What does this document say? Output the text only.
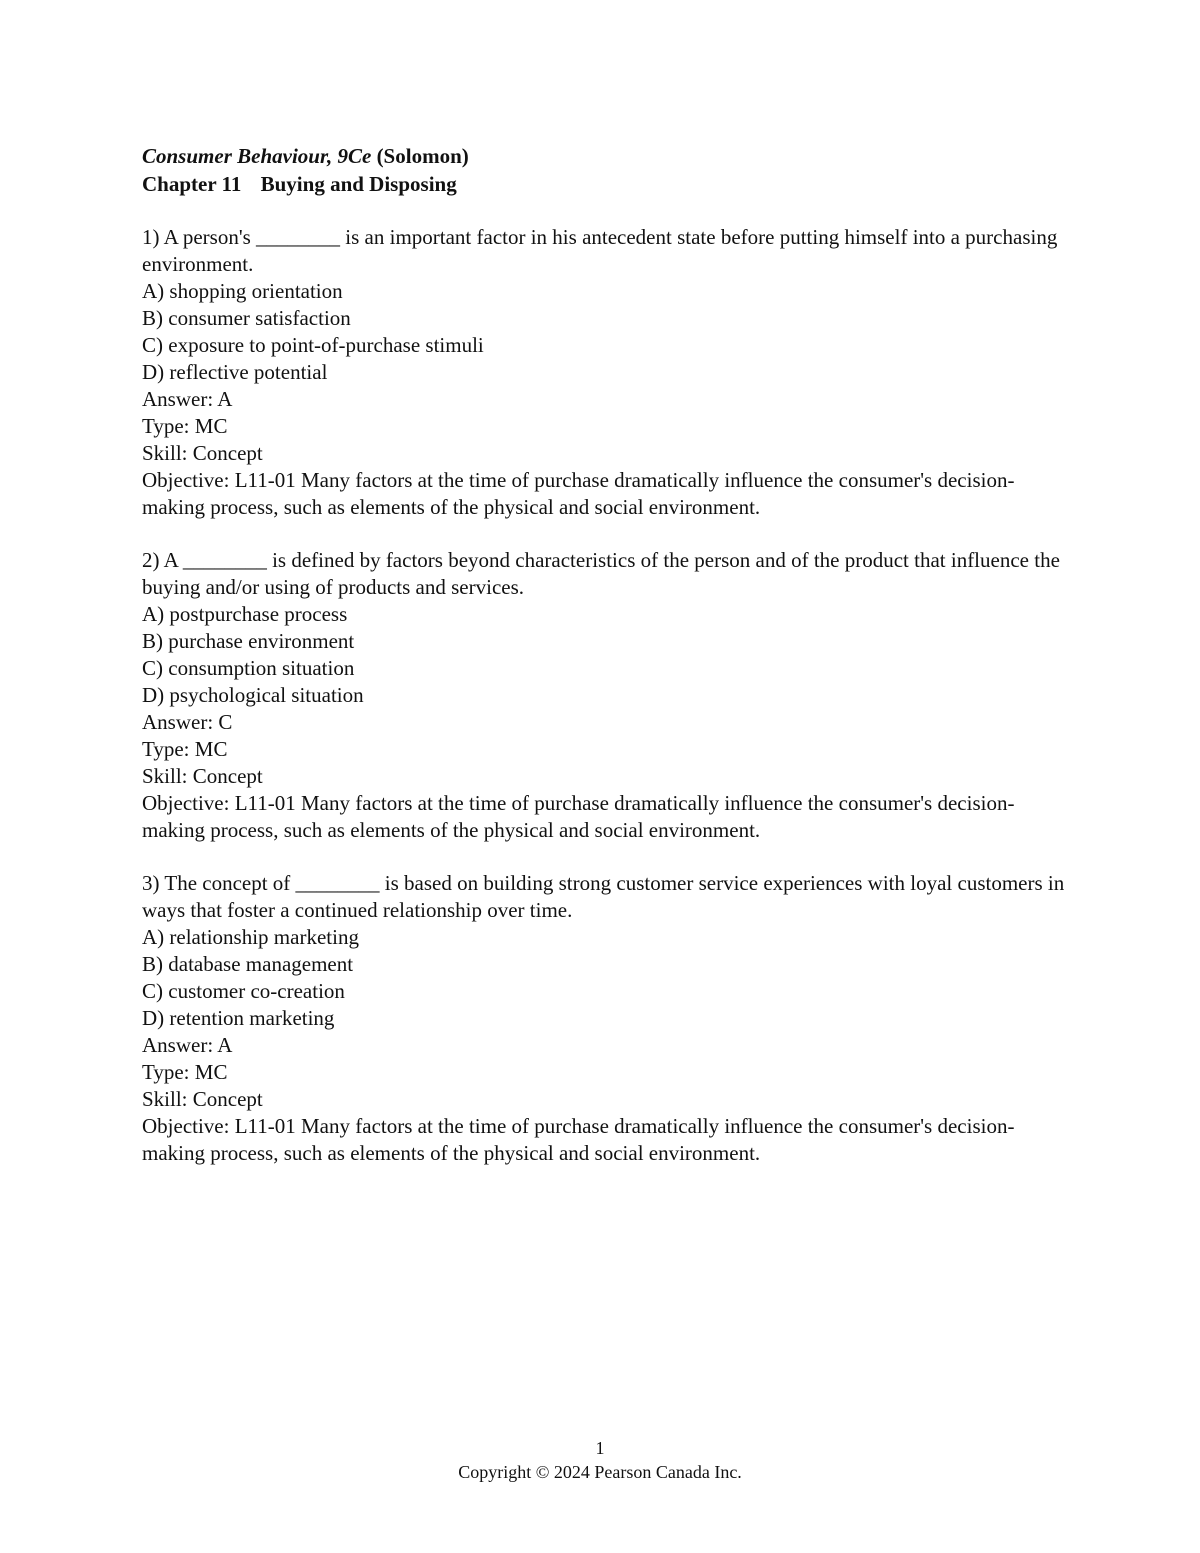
Consumer Behaviour, 9Ce (Solomon)
Chapter 11 Buying and Disposing
1) A person's ________ is an important factor in his antecedent state before putting himself into a purchasing environment.
A) shopping orientation
B) consumer satisfaction
C) exposure to point-of-purchase stimuli
D) reflective potential
Answer: A
Type: MC
Skill: Concept
Objective: L11-01 Many factors at the time of purchase dramatically influence the consumer's decision-making process, such as elements of the physical and social environment.
2) A ________ is defined by factors beyond characteristics of the person and of the product that influence the buying and/or using of products and services.
A) postpurchase process
B) purchase environment
C) consumption situation
D) psychological situation
Answer: C
Type: MC
Skill: Concept
Objective: L11-01 Many factors at the time of purchase dramatically influence the consumer's decision-making process, such as elements of the physical and social environment.
3) The concept of ________ is based on building strong customer service experiences with loyal customers in ways that foster a continued relationship over time.
A) relationship marketing
B) database management
C) customer co-creation
D) retention marketing
Answer: A
Type: MC
Skill: Concept
Objective: L11-01 Many factors at the time of purchase dramatically influence the consumer's decision-making process, such as elements of the physical and social environment.
1
Copyright © 2024 Pearson Canada Inc.
